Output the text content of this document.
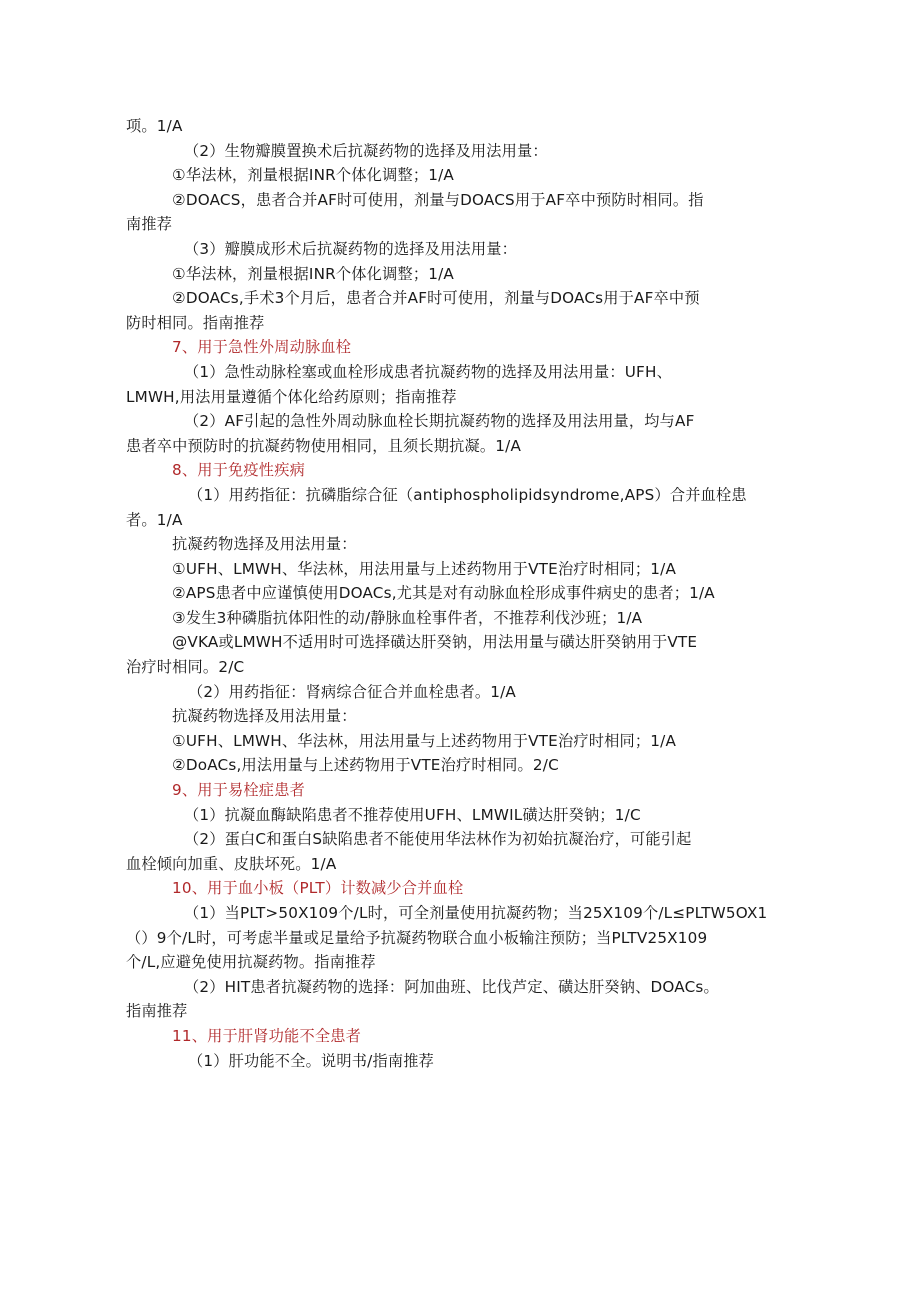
项。1/A
（2）生物瓣膜置换术后抗凝药物的选择及用法用量：
①华法林，剂量根据INR个体化调整；1/A
②DOACS，患者合并AF时可使用，剂量与DOACS用于AF卒中预防时相同。指
南推荐
（3）瓣膜成形术后抗凝药物的选择及用法用量：
①华法林，剂量根据INR个体化调整；1/A
②DOACs,手术3个月后，患者合并AF时可使用，剂量与DOACs用于AF卒中预
防时相同。指南推荐
7、用于急性外周动脉血栓
（1）急性动脉栓塞或血栓形成患者抗凝药物的选择及用法用量：UFH、
LMWH,用法用量遵循个体化给药原则；指南推荐
（2）AF引起的急性外周动脉血栓长期抗凝药物的选择及用法用量，均与AF
患者卒中预防时的抗凝药物使用相同，且须长期抗凝。1/A
8、用于免疫性疾病
（1）用药指征：抗磷脂综合征（antiphospholipidsyndrome,APS）合并血栓患
者。1/A
抗凝药物选择及用法用量：
①UFH、LMWH、华法林，用法用量与上述药物用于VTE治疗时相同；1/A
②APS患者中应谨慎使用DOACs,尤其是对有动脉血栓形成事件病史的患者；1/A
③发生3种磷脂抗体阳性的动/静脉血栓事件者，不推荐利伐沙班；1/A
@VKA或LMWH不适用时可选择磺达肝癸钠，用法用量与磺达肝癸钠用于VTE
治疗时相同。2/C
（2）用药指征：肾病综合征合并血栓患者。1/A
抗凝药物选择及用法用量：
①UFH、LMWH、华法林，用法用量与上述药物用于VTE治疗时相同；1/A
②DoACs,用法用量与上述药物用于VTE治疗时相同。2/C
9、用于易栓症患者
（1）抗凝血酶缺陷患者不推荐使用UFH、LMWIL磺达肝癸钠；1/C
（2）蛋白C和蛋白S缺陷患者不能使用华法林作为初始抗凝治疗，可能引起
血栓倾向加重、皮肤坏死。1/A
10、用于血小板（PLT）计数减少合并血栓
（1）当PLT>50X109个/L时，可全剂量使用抗凝药物；当25X109个/L≤PLTW5OX1
（）9个/L时，可考虑半量或足量给予抗凝药物联合血小板输注预防；当PLTV25X109
个/L,应避免使用抗凝药物。指南推荐
（2）HIT患者抗凝药物的选择：阿加曲班、比伐芦定、磺达肝癸钠、DOACs。
指南推荐
11、用于肝肾功能不全患者
（1）肝功能不全。说明书/指南推荐
